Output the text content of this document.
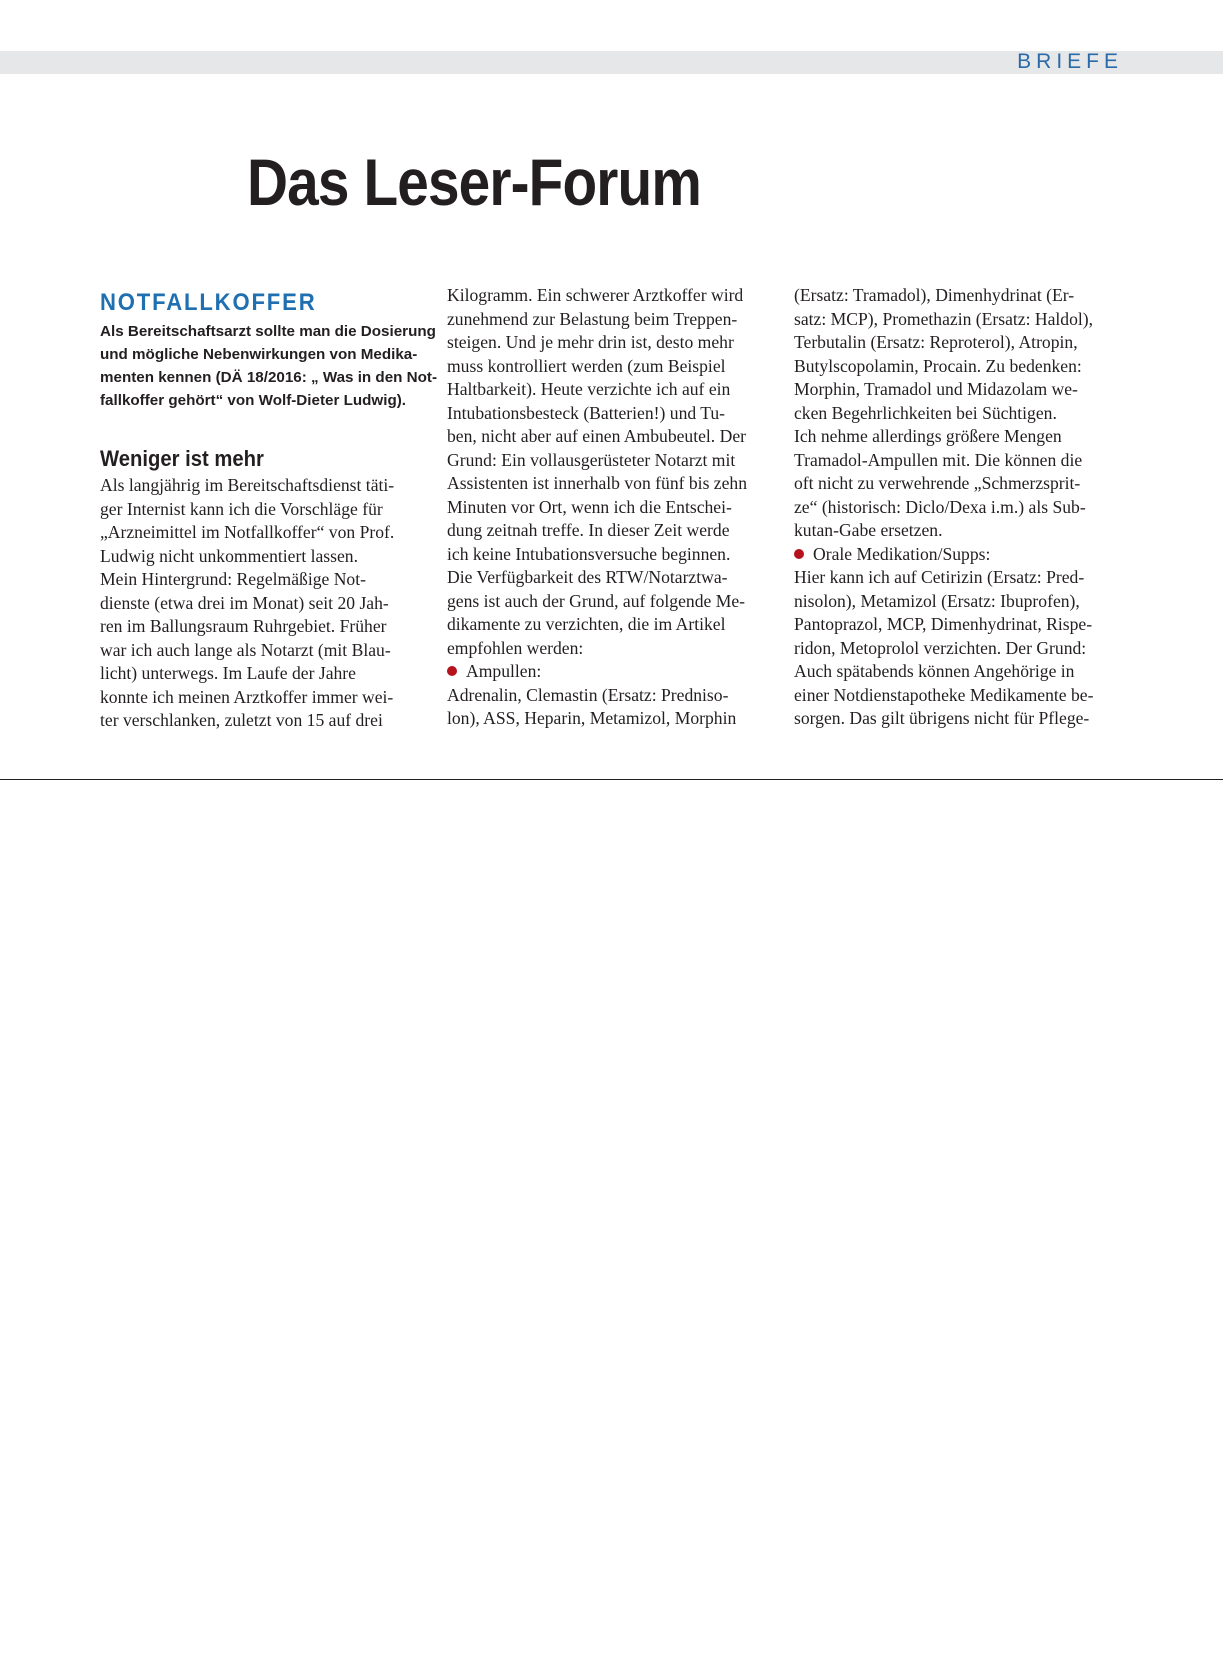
BRIEFE
Das Leser-Forum
NOTFALLKOFFER

Als Bereitschaftsarzt sollte man die Dosierung
und mögliche Nebenwirkungen von Medika-
menten kennen (DÄ 18/2016: „ Was in den Not-
fallkoffer gehört“ von Wolf-Dieter Ludwig).

Weniger ist mehr
Als langjährig im Bereitschaftsdienst täti-
ger Internist kann ich die Vorschläge für
„Arzneimittel im Notfallkoffer“ von Prof.
Ludwig nicht unkommentiert lassen.
Mein Hintergrund: Regelmäßige Not-
dienste (etwa drei im Monat) seit 20 Jah-
ren im Ballungsraum Ruhrgebiet. Früher
war ich auch lange als Notarzt (mit Blau-
licht) unterwegs. Im Laufe der Jahre
konnte ich meinen Arztkoffer immer wei-
ter verschlanken, zuletzt von 15 auf drei
Kilogramm. Ein schwerer Arztkoffer wird
zunehmend zur Belastung beim Treppen-
steigen. Und je mehr drin ist, desto mehr
muss kontrolliert werden (zum Beispiel
Haltbarkeit). Heute verzichte ich auf ein
Intubationsbesteck (Batterien!) und Tu-
ben, nicht aber auf einen Ambubeutel. Der
Grund: Ein vollausgerüsteter Notarzt mit
Assistenten ist innerhalb von fünf bis zehn
Minuten vor Ort, wenn ich die Entschei-
dung zeitnah treffe. In dieser Zeit werde
ich keine Intubationsversuche beginnen.
Die Verfügbarkeit des RTW/Notarztwa-
gens ist auch der Grund, auf folgende Me-
dikamente zu verzichten, die im Artikel
empfohlen werden:
Ampullen:
Adrenalin, Clemastin (Ersatz: Predniso-
lon), ASS, Heparin, Metamizol, Morphin
(Ersatz: Tramadol), Dimenhydrinat (Er-
satz: MCP), Promethazin (Ersatz: Haldol),
Terbutalin (Ersatz: Reproterol), Atropin,
Butylscopolamin, Procain. Zu bedenken:
Morphin, Tramadol und Midazolam we-
cken Begehrlichkeiten bei Süchtigen.
Ich nehme allerdings größere Mengen
Tramadol-Ampullen mit. Die können die
oft nicht zu verwehrende „Schmerzsprit-
ze“ (historisch: Diclo/Dexa i.m.) als Sub-
kutan-Gabe ersetzen.
Orale Medikation/Supps:
Hier kann ich auf Cetirizin (Ersatz: Pred-
nisolon), Metamizol (Ersatz: Ibuprofen),
Pantoprazol, MCP, Dimenhydrinat, Rispe-
ridon, Metoprolol verzichten. Der Grund:
Auch spätabends können Angehörige in
einer Notdienstapotheke Medikamente be-
sorgen. Das gilt übrigens nicht für Pflege-
